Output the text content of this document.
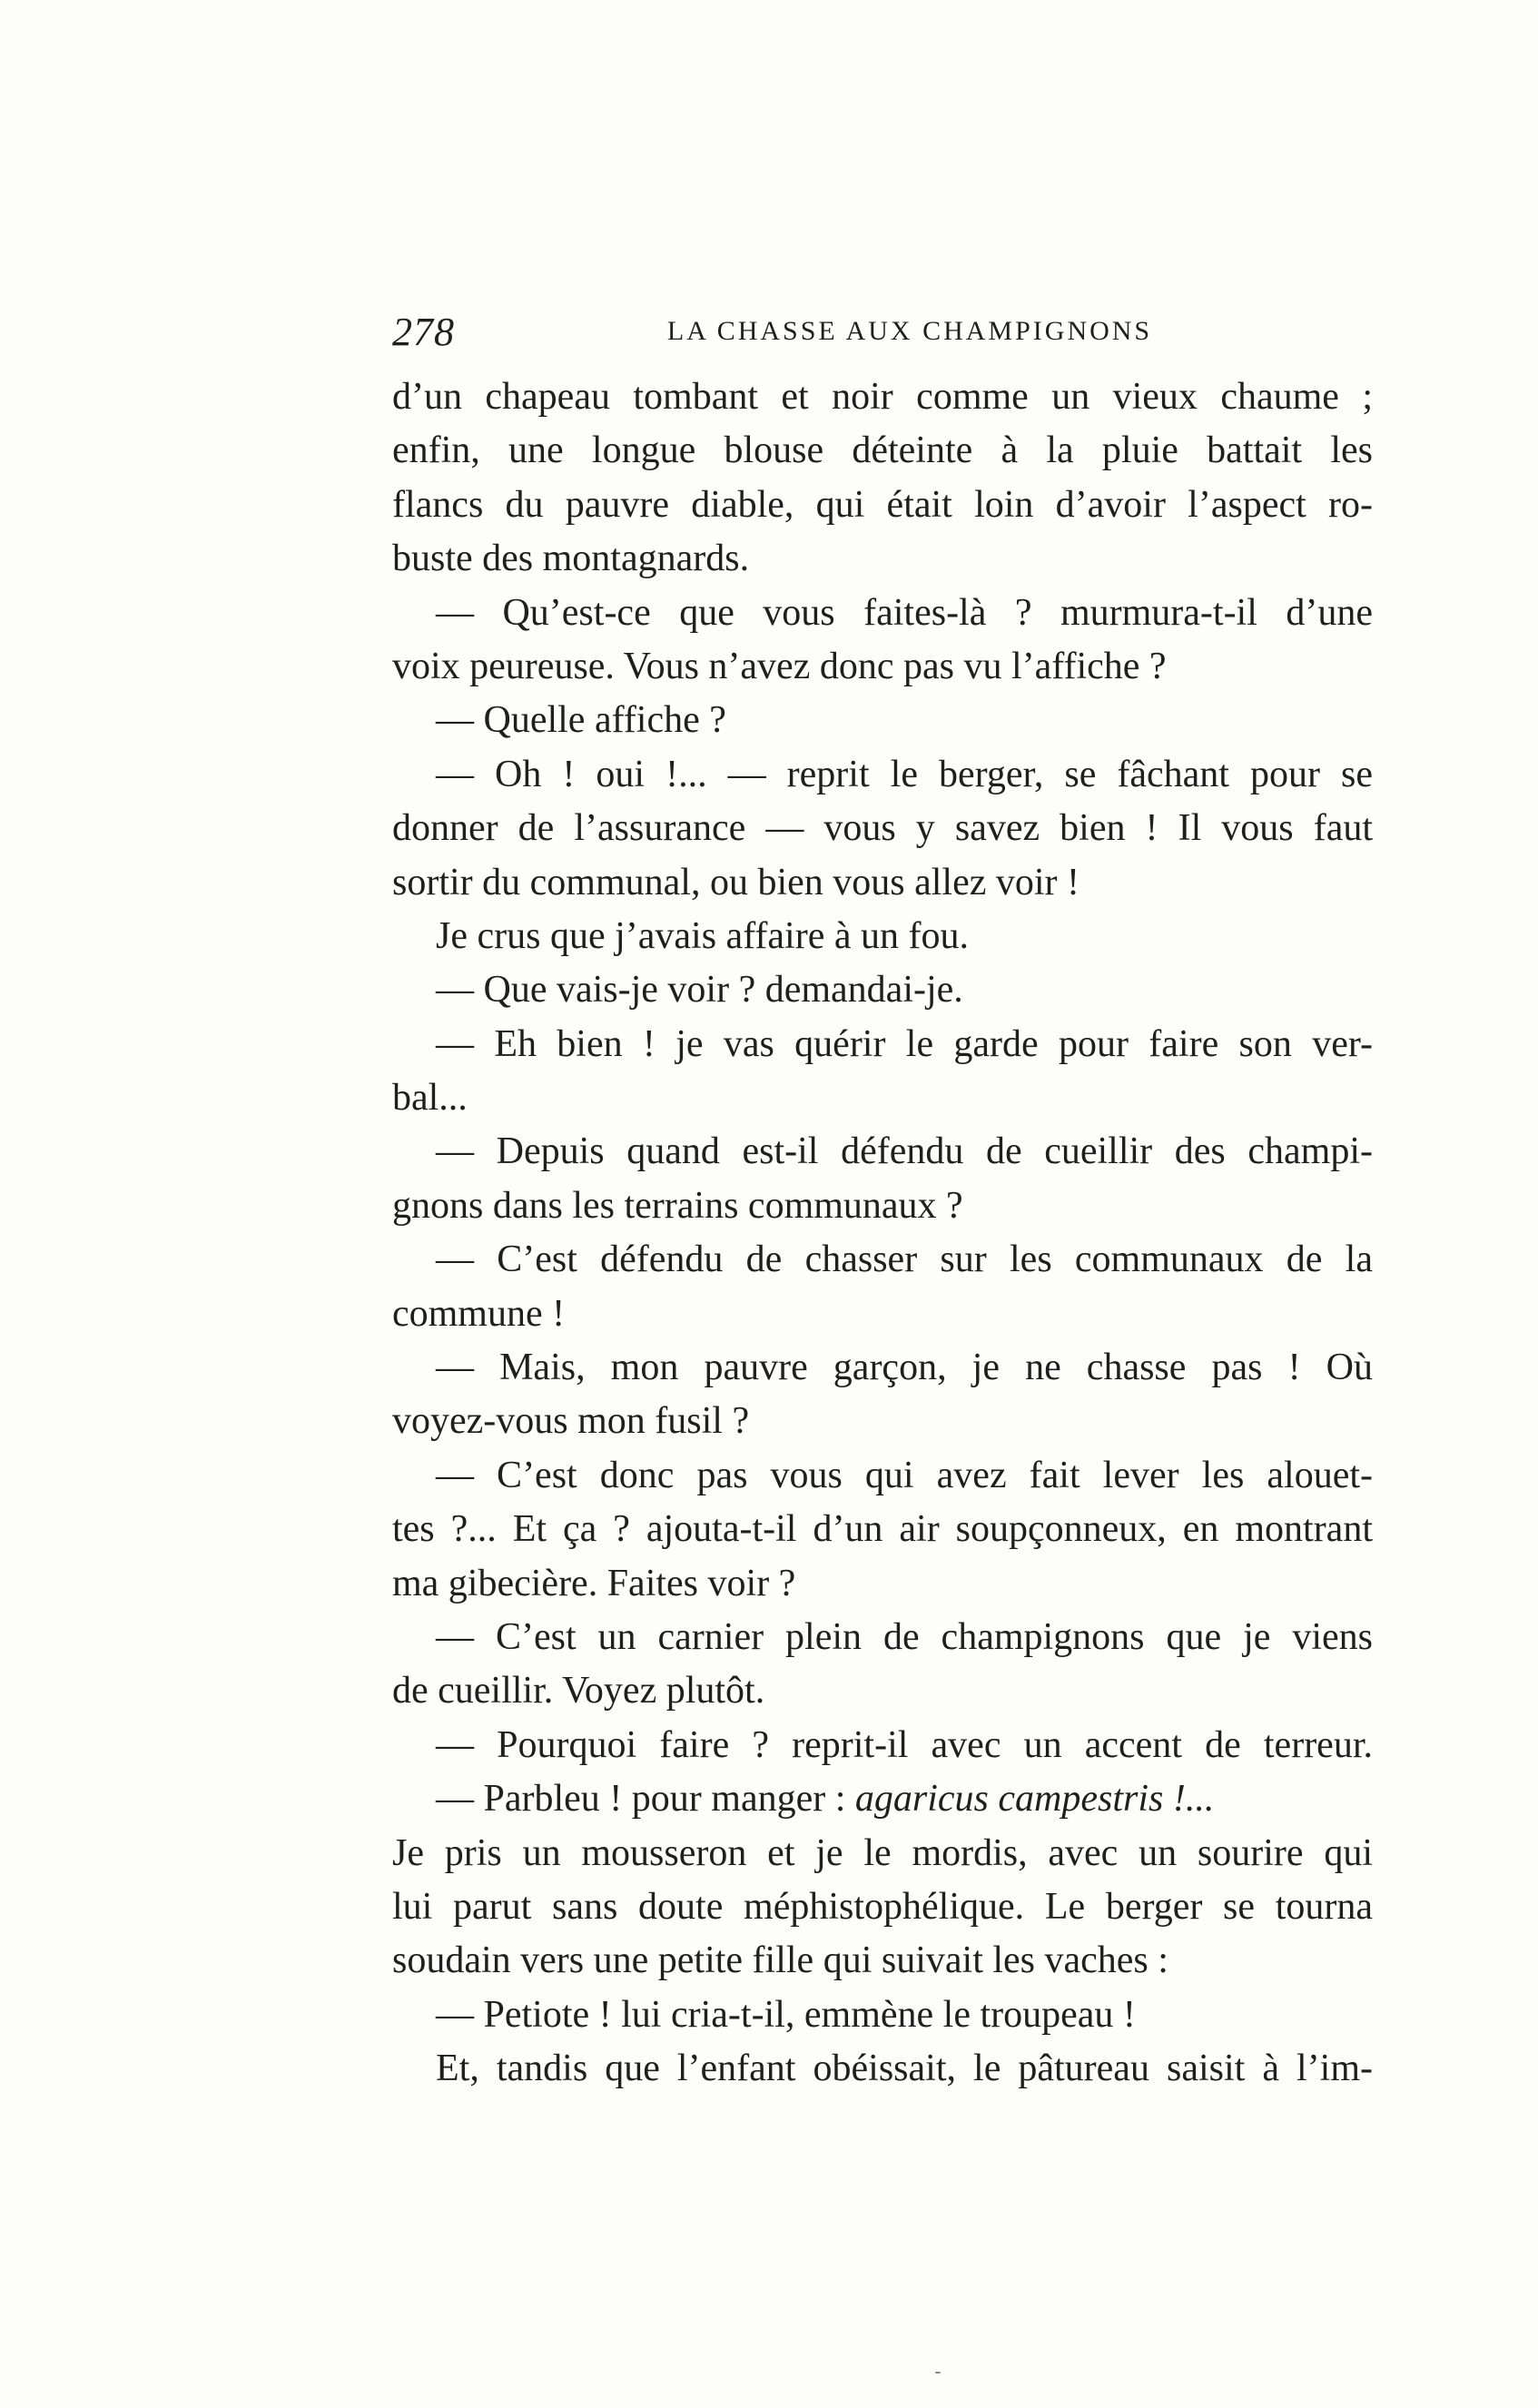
278	LA CHASSE AUX CHAMPIGNONS
d’un chapeau tombant et noir comme un vieux chaume ;
enfin, une longue blouse déteinte à la pluie battait les
flancs du pauvre diable, qui était loin d’avoir l’aspect ro-
buste des montagnards.
— Qu’est-ce que vous faites-là ? murmura-t-il d’une
voix peureuse. Vous n’avez donc pas vu l’affiche ?
— Quelle affiche ?
— Oh ! oui !... — reprit le berger, se fâchant pour se
donner de l’assurance — vous y savez bien ! Il vous faut
sortir du communal, ou bien vous allez voir !
Je crus que j’avais affaire à un fou.
— Que vais-je voir ? demandai-je.
— Eh bien ! je vas quérir le garde pour faire son ver-
bal...
— Depuis quand est-il défendu de cueillir des champi-
gnons dans les terrains communaux ?
— C’est défendu de chasser sur les communaux de la
commune !
— Mais, mon pauvre garçon, je ne chasse pas ! Où
voyez-vous mon fusil ?
— C’est donc pas vous qui avez fait lever les alouet-
tes ?... Et ça ? ajouta-t-il d’un air soupçonneux, en montrant
ma gibecière. Faites voir ?
— C’est un carnier plein de champignons que je viens
de cueillir. Voyez plutôt.
— Pourquoi faire ? reprit-il avec un accent de terreur.
— Parbleu ! pour manger : agaricus campestris !...
Je pris un mousseron et je le mordis, avec un sourire qui
lui parut sans doute méphistophélique. Le berger se tourna
soudain vers une petite fille qui suivait les vaches :
— Petiote ! lui cria-t-il, emmène le troupeau !
Et, tandis que l’enfant obéissait, le pâtureau saisit à l’im-
